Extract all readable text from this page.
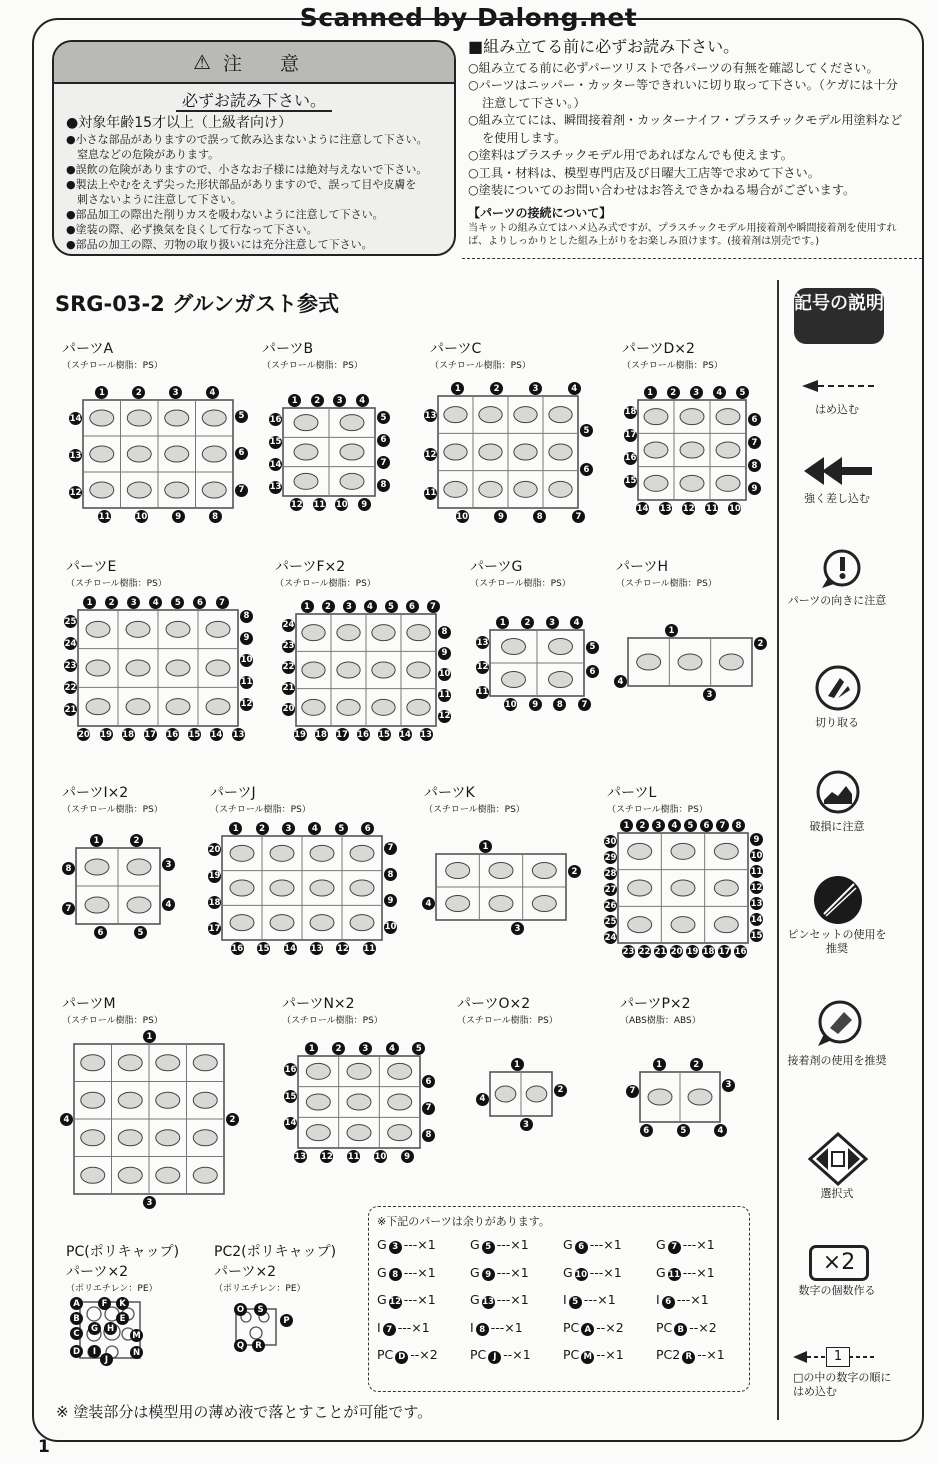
Scanned by Dalong.net
⚠ 注 意
必ずお読み下さい。
●対象年齢15才以上（上級者向け）
●小さな部品がありますので誤って飲み込まないように注意して下さい。
　窒息などの危険があります。
●誤飲の危険がありますので、小さなお子様には絶対与えないで下さい。
●製法上やむをえず尖った形状部品がありますので、誤って目や皮膚を
　刺さないように注意して下さい。
●部品加工の際出た削りカスを吸わないように注意して下さい。
●塗装の際、必ず換気を良くして行なって下さい。
●部品の加工の際、刃物の取り扱いには充分注意して下さい。
■組み立てる前に必ずお読み下さい。
○組み立てる前に必ずパーツリストで各パーツの有無を確認してください。
○パーツはニッパー・カッター等できれいに切り取って下さい。（ケガには十分注意して下さい。）
○組み立てには、瞬間接着剤・カッターナイフ・プラスチックモデル用塗料などを使用します。
○塗料はプラスチックモデル用であればなんでも使えます。
○工具・材料は、模型専門店及び日曜大工店等で求めて下さい。
○塗装についてのお問い合わせはお答えできかねる場合がございます。
【パーツの接続について】
当キットの組み立てはハメ込み式ですが、プラスチックモデル用接着剤や瞬間接着剤を使用すれば、よりしっかりとした組み上がりをお楽しみ頂けます。(接着剤は別売です。)
SRG-03-2 グルンガスト参式
パーツA
（スチロール樹脂：PS）
1	2	3	4
5
6
7
8
9
10
11
12
13
14
パーツB
（スチロール樹脂：PS）
1	2	3	4
5
6
7
8
9
10
11
12
13
14
15
16
パーツC
（スチロール樹脂：PS）
1	2	3	4
5
6
7
8
9
10
11
12
13
パーツD×2
（スチロール樹脂：PS）
1	2	3	4	5
6
7
8
9
10
11
12
13
14
15
16
17
18
パーツE
（スチロール樹脂：PS）
1	2	3	4	5	6	7
8
9
10
11
12
13
14
15
16
17
18
19
20
21
22
23
24
25
パーツF×2
（スチロール樹脂：PS）
1	2	3	4	5	6	7
8
9
10
11
12
13
14
15
16
17
18
19
20
21
22
23
24
パーツG
（スチロール樹脂：PS）
1	2	3	4
5
6
7
8
9
10
11
12
13
パーツH
（スチロール樹脂：PS）
1
2
3
4
パーツI×2
（スチロール樹脂：PS）
1	2
3
4
5
6
7
8
パーツJ
（スチロール樹脂：PS）
1	2	3	4	5	6
7
8
9
10
11
12
13
14
15
16
17
18
19
20
パーツK
（スチロール樹脂：PS）
1
2
3
4
パーツL
（スチロール樹脂：PS）
1	2	3	4	5	6	7	8
9
10
11
12
13
14
15
16
17
18
19
20
21
22
23
24
25
26
27
28
29
30
パーツM
（スチロール樹脂：PS）
1
2
3
4
パーツN×2
（スチロール樹脂：PS）
1	2	3	4	5
6
7
8
9
10
11
12
13
14
15
16
パーツO×2
（スチロール樹脂：PS）
1
2
3
4
パーツP×2
（ABS樹脂：ABS）
1	2
3
4
5
6
7
PC(ポリキャップ)
パーツ×2
（ポリエチレン：PE）
PC2(ポリキャップ)
パーツ×2
（ポリエチレン：PE）
A	F	K
B	E
C	G	H
M
D	I	N
J
O	S
P
Q	R
※下記のパーツは余りがあります。
G 3 ---×1	G 5 ---×1	G 6 ---×1	G 7 ---×1
G 8 ---×1	G 9 ---×1	G 10 ---×1	G 11 ---×1
G 12 ---×1	G 13 ---×1	I 5 ---×1	I 6 ---×1
I 7 ---×1	I 8 ---×1	PC A --×2	PC B --×2
PC D --×2	PC J --×1	PC M --×1	PC2 R --×1
記号の説明
はめ込む
強く差し込む
パーツの向きに注意
切り取る
破損に注意
ピンセットの使用を推奨
接着剤の使用を推奨
選択式
×2
数字の個数作る
1
□の中の数字の順にはめ込む
※ 塗装部分は模型用の薄め液で落とすことが可能です。
1
